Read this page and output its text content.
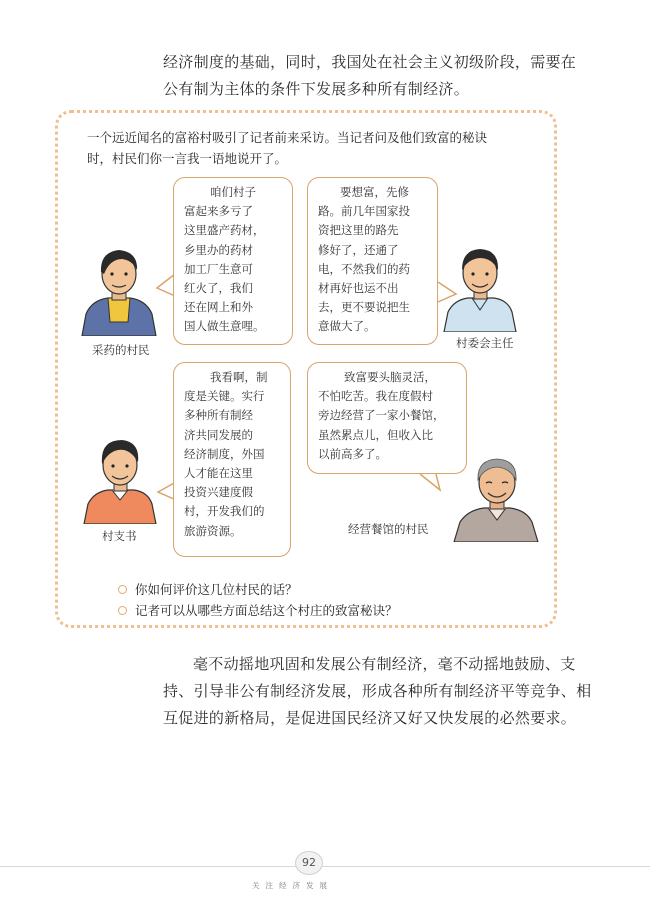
经济制度的基础，同时，我国处在社会主义初级阶段，需要在
公有制为主体的条件下发展多种所有制经济。
一个远近闻名的富裕村吸引了记者前来采访。当记者问及他们致富的秘诀
时，村民们你一言我一语地说开了。
咱们村子
富起来多亏了
这里盛产药材，
乡里办的药材
加工厂生意可
红火了，我们
还在网上和外
国人做生意哩。
要想富，先修
路。前几年国家投
资把这里的路先
修好了，还通了
电，不然我们的药
材再好也运不出
去，更不要说把生
意做大了。
我看啊，制
度是关键。实行
多种所有制经
济共同发展的
经济制度，外国
人才能在这里
投资兴建度假
村，开发我们的
旅游资源。
致富要头脑灵活，
不怕吃苦。我在度假村
旁边经营了一家小餐馆，
虽然累点儿，但收入比
以前高多了。
采药的村民	村委会主任
村支书	经营餐馆的村民
你如何评价这几位村民的话？
记者可以从哪些方面总结这个村庄的致富秘诀？
毫不动摇地巩固和发展公有制经济，毫不动摇地鼓励、支
持、引导非公有制经济发展，形成各种所有制经济平等竞争、相
互促进的新格局，是促进国民经济又好又快发展的必然要求。
92
关注经济发展
